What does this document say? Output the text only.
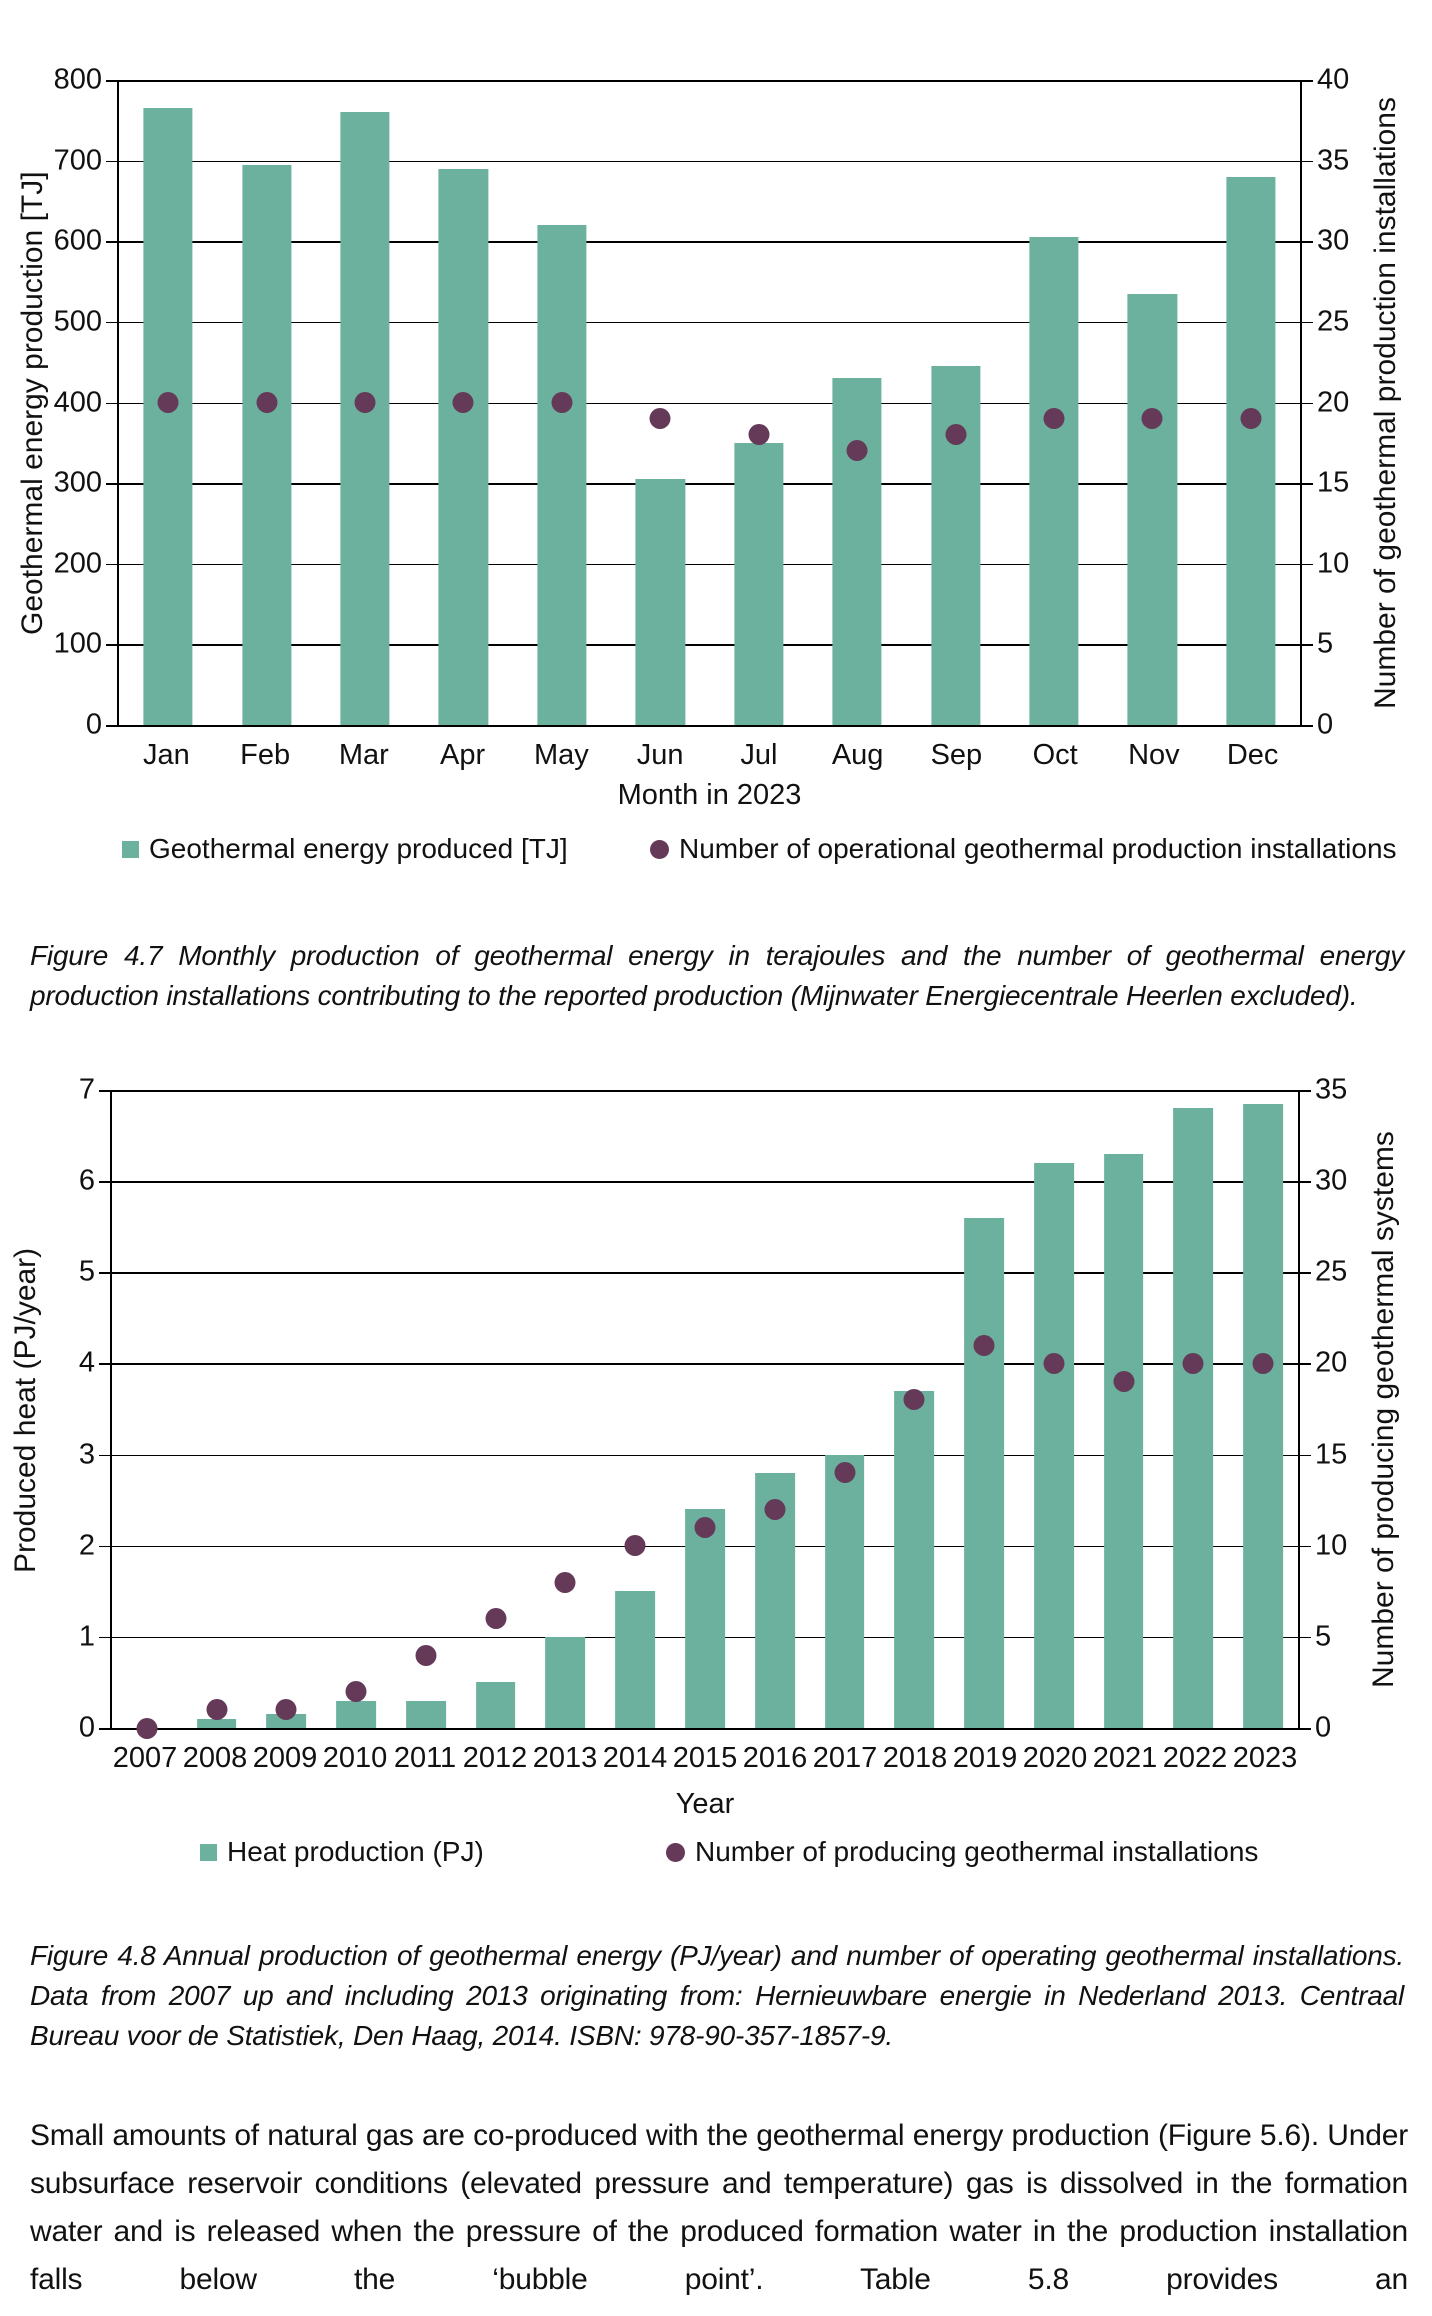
Geothermal energy production [TJ]	Number of geothermal production installations
800	40
700	35
600	30
500	25
400	20
300	15
200	10
100	5
0	0
Jan	Feb	Mar	Apr	May	Jun	Jul	Aug	Sep	Oct	Nov	Dec
Month in 2023
Geothermal energy produced [TJ]	Number of operational geothermal production installations

Figure 4.7 Monthly production of geothermal energy in terajoules and the number of geothermal energy production installations contributing to the reported production (Mijnwater Energiecentrale Heerlen excluded).

Produced heat (PJ/year)	Number of producing geothermal systems
7	35
6	30
5	25
4	20
3	15
2	10
1	5
0	0
2007 2008 2009 2010 2011 2012 2013 2014 2015 2016 2017 2018 2019 2020 2021 2022 2023
Year
Heat production (PJ)	Number of producing geothermal installations

Figure 4.8 Annual production of geothermal energy (PJ/year) and number of operating geothermal installations. Data from 2007 up and including 2013 originating from: Hernieuwbare energie in Nederland 2013. Centraal Bureau voor de Statistiek, Den Haag, 2014. ISBN: 978-90-357-1857-9.

Small amounts of natural gas are co-produced with the geothermal energy production (Figure 5.6). Under subsurface reservoir conditions (elevated pressure and temperature) gas is dissolved in the formation water and is released when the pressure of the produced formation water in the production installation falls below the ‘bubble point’. Table 5.8 provides an
